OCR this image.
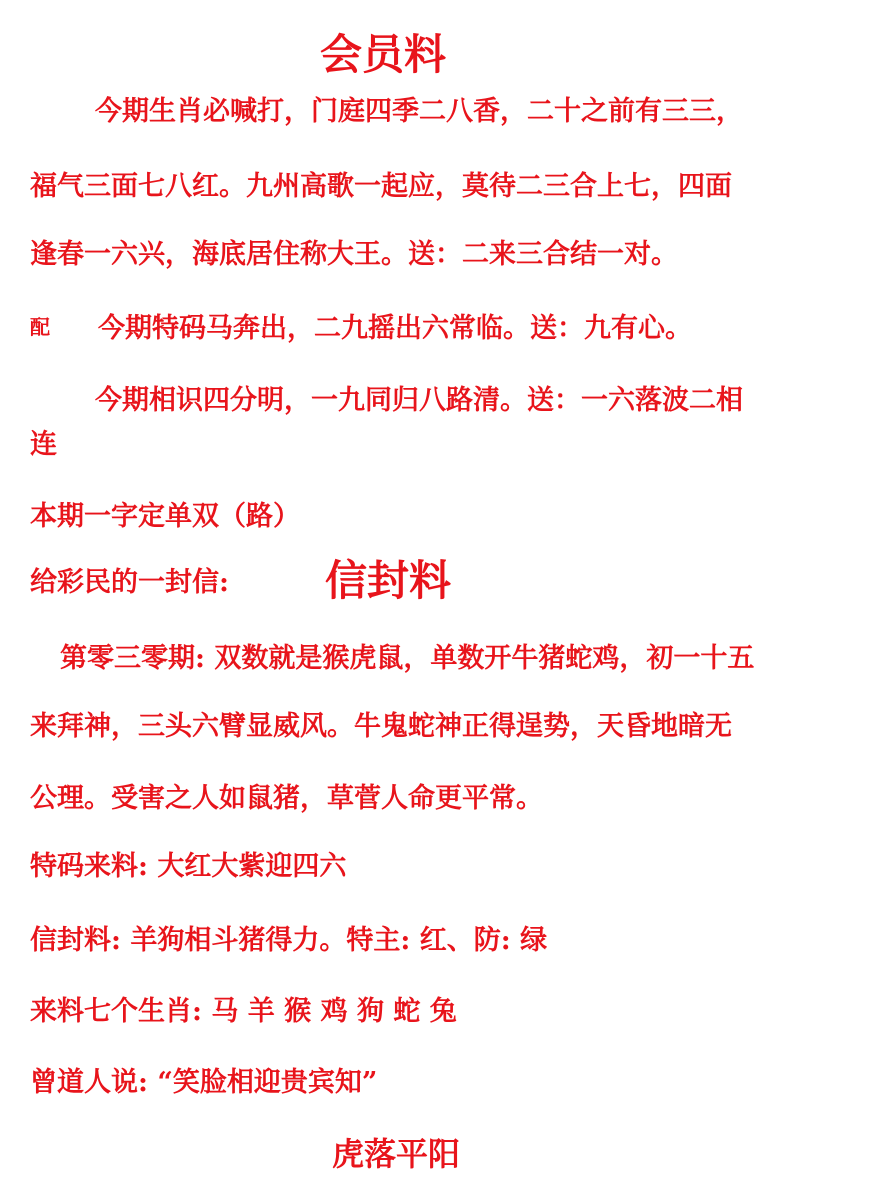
会员料
今期生肖必喊打，门庭四季二八香，二十之前有三三，
福气三面七八红。九州高歌一起应，莫待二三合上七，四面
逢春一六兴，海底居住称大王。送：二来三合结一对。
配 今期特码马奔出，二九摇出六常临。送：九有心。
今期相识四分明，一九同归八路清。送：一六落波二相
连
本期一字定单双（路）
给彩民的一封信: 信封料
第零三零期: 双数就是猴虎鼠，单数开牛猪蛇鸡，初一十五
来拜神，三头六臂显威风。牛鬼蛇神正得逞势，天昏地暗无
公理。受害之人如鼠猪，草菅人命更平常。
特码来料: 大红大紫迎四六
信封料: 羊狗相斗猪得力。特主: 红、防: 绿
来料七个生肖: 马 羊 猴 鸡 狗 蛇 兔
曾道人说: “笑脸相迎贵宾知”
虎落平阳
